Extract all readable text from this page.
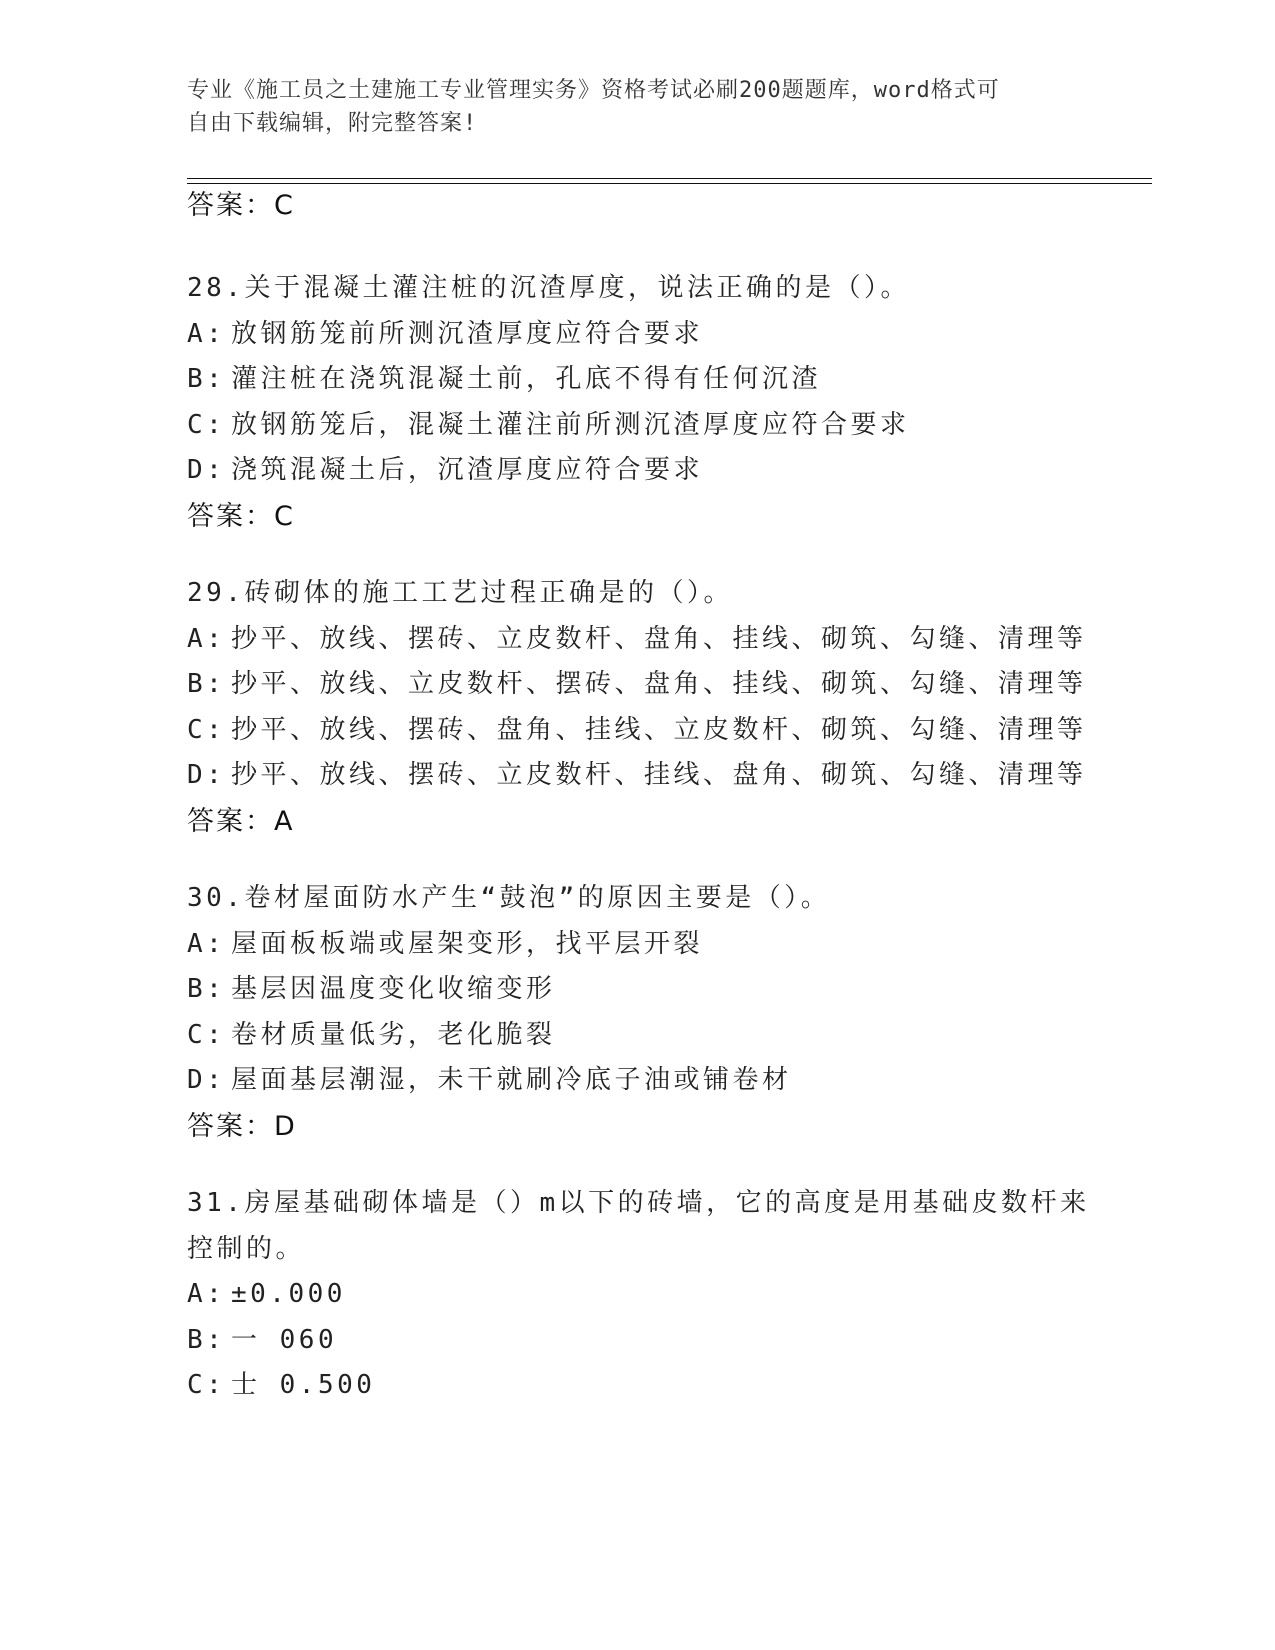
专业《施工员之土建施工专业管理实务》资格考试必刷200题题库，word格式可
自由下载编辑，附完整答案!
答案：C
28.关于混凝土灌注桩的沉渣厚度，说法正确的是（）。
A: 放钢筋笼前所测沉渣厚度应符合要求
B: 灌注桩在浇筑混凝土前，孔底不得有任何沉渣
C: 放钢筋笼后，混凝土灌注前所测沉渣厚度应符合要求
D: 浇筑混凝土后，沉渣厚度应符合要求
答案：C
29.砖砌体的施工工艺过程正确是的（）。
A: 抄平、放线、摆砖、立皮数杆、盘角、挂线、砌筑、勾缝、清理等
B: 抄平、放线、立皮数杆、摆砖、盘角、挂线、砌筑、勾缝、清理等
C: 抄平、放线、摆砖、盘角、挂线、立皮数杆、砌筑、勾缝、清理等
D: 抄平、放线、摆砖、立皮数杆、挂线、盘角、砌筑、勾缝、清理等
答案：A
30.卷材屋面防水产生“鼓泡”的原因主要是（）。
A: 屋面板板端或屋架变形，找平层开裂
B: 基层因温度变化收缩变形
C: 卷材质量低劣，老化脆裂
D: 屋面基层潮湿，未干就刷冷底子油或铺卷材
答案：D
31.房屋基础砌体墙是（）m以下的砖墙，它的高度是用基础皮数杆来
控制的。
A: ±0.000
B: 一 060
C: 士 0.500
